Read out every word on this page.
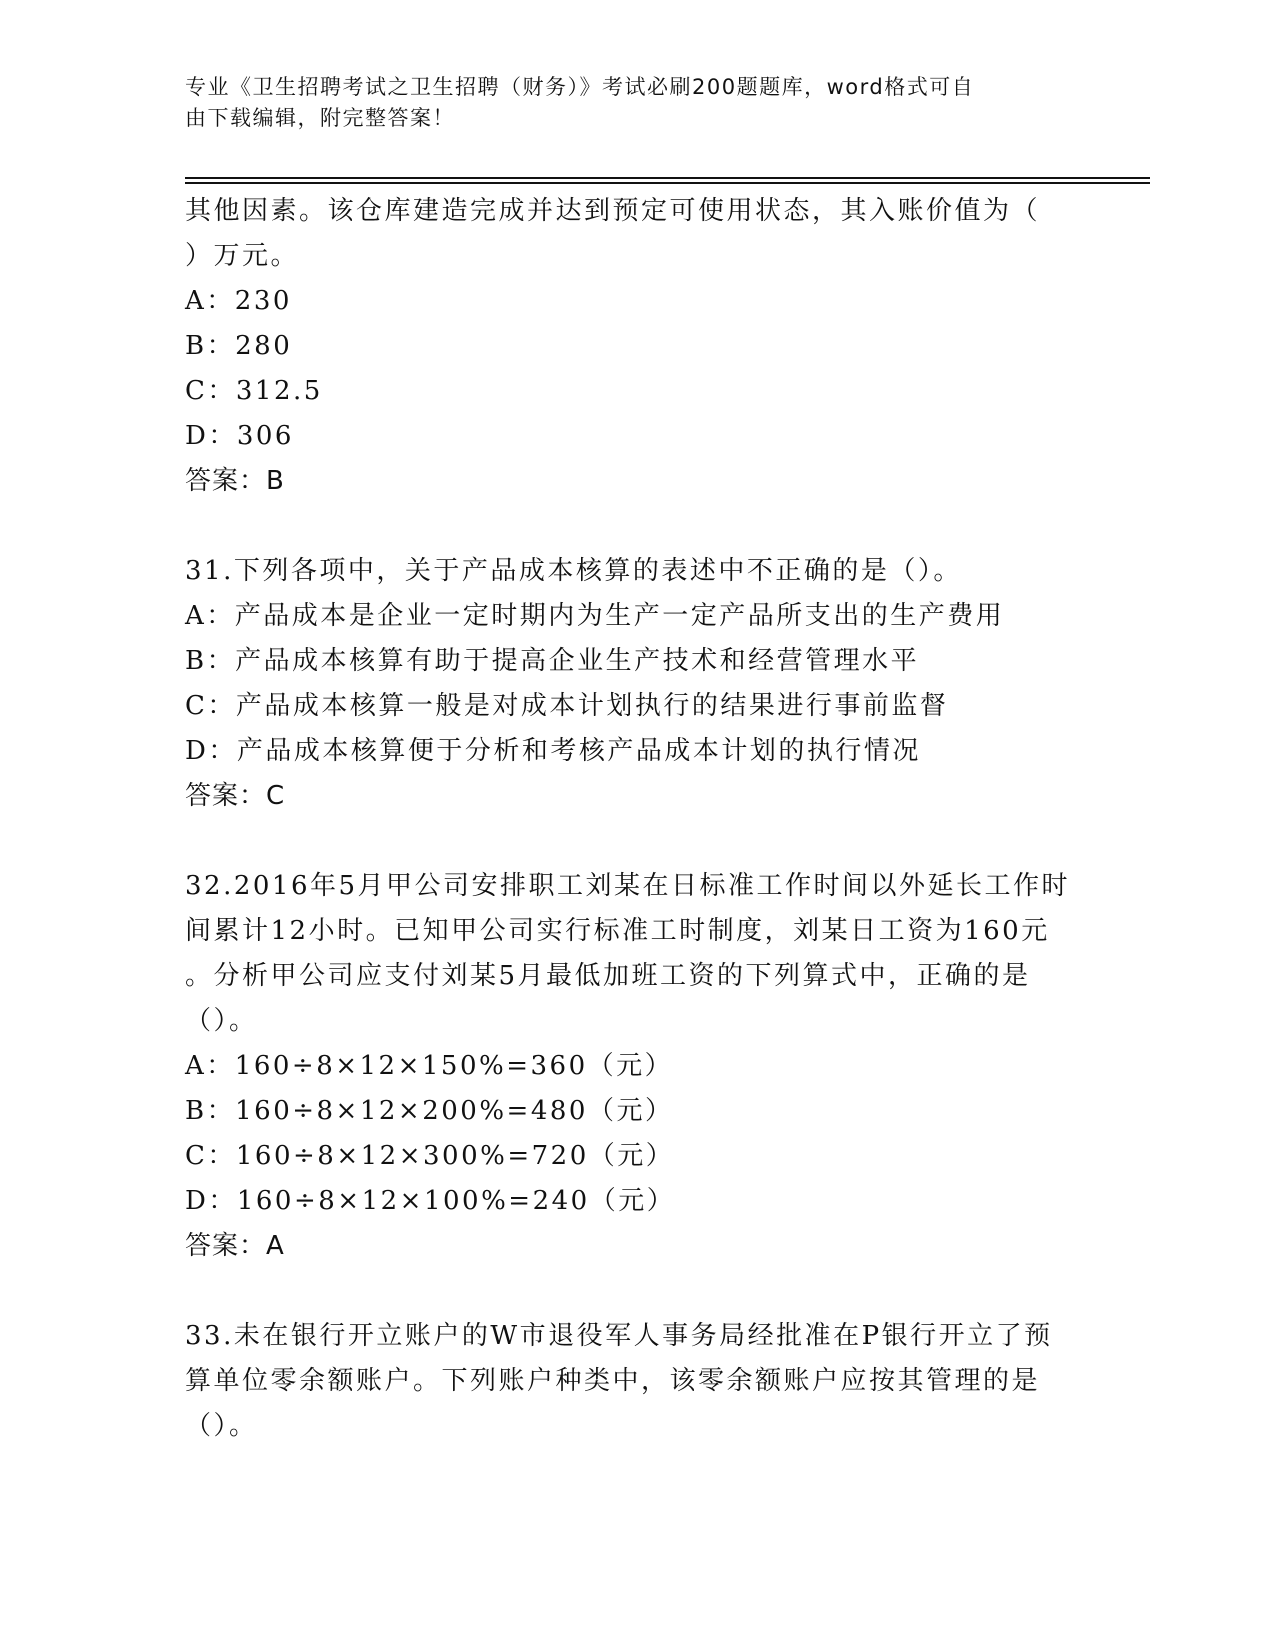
专业《卫生招聘考试之卫生招聘（财务）》考试必刷200题题库，word格式可自
由下载编辑，附完整答案！
其他因素。该仓库建造完成并达到预定可使用状态，其入账价值为（
）万元。
A：230
B：280
C：312.5
D：306
答案：B
31.下列各项中，关于产品成本核算的表述中不正确的是（）。
A：产品成本是企业一定时期内为生产一定产品所支出的生产费用
B：产品成本核算有助于提高企业生产技术和经营管理水平
C：产品成本核算一般是对成本计划执行的结果进行事前监督
D：产品成本核算便于分析和考核产品成本计划的执行情况
答案：C
32.2016年5月甲公司安排职工刘某在日标准工作时间以外延长工作时
间累计12小时。已知甲公司实行标准工时制度，刘某日工资为160元
。分析甲公司应支付刘某5月最低加班工资的下列算式中，正确的是
（）。
A：160÷8×12×150%=360（元）
B：160÷8×12×200%=480（元）
C：160÷8×12×300%=720（元）
D：160÷8×12×100%=240（元）
答案：A
33.未在银行开立账户的W市退役军人事务局经批准在P银行开立了预
算单位零余额账户。下列账户种类中，该零余额账户应按其管理的是
（）。
